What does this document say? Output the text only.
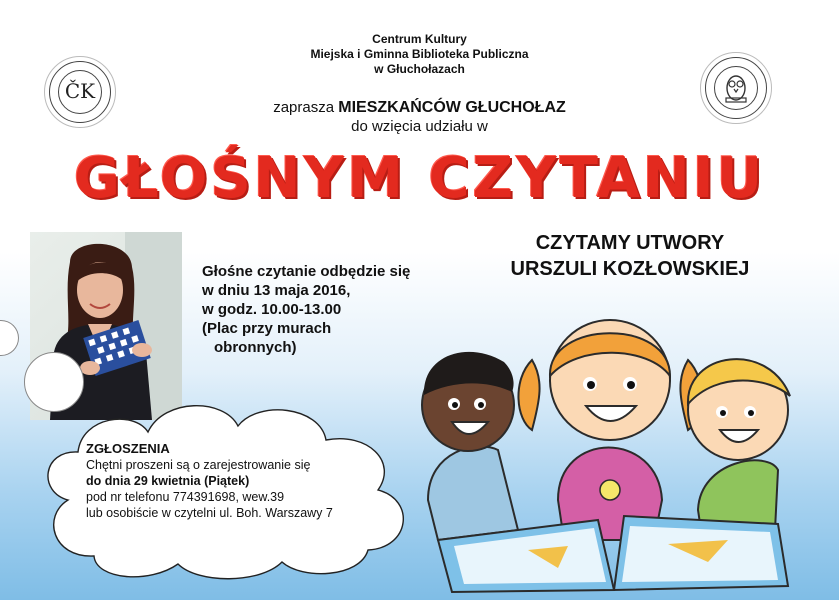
ČK
Centrum Kultury
Miejska i Gminna Biblioteka Publiczna
w Głuchołazach
zaprasza MIESZKAŃCÓW GŁUCHOŁAZ
do wzięcia udziału w
GŁOŚNYM CZYTANIU
CZYTAMY UTWORY
URSZULI KOZŁOWSKIEJ
Głośne czytanie odbędzie się
w dniu 13 maja 2016,
w godz. 10.00-13.00
(Plac przy murach
obronnych)
ZGŁOSZENIA
Chętni proszeni są o zarejestrowanie się
do dnia 29 kwietnia (Piątek)
pod nr telefonu 774391698, wew.39
lub osobiście w czytelni ul. Boh. Warszawy 7
